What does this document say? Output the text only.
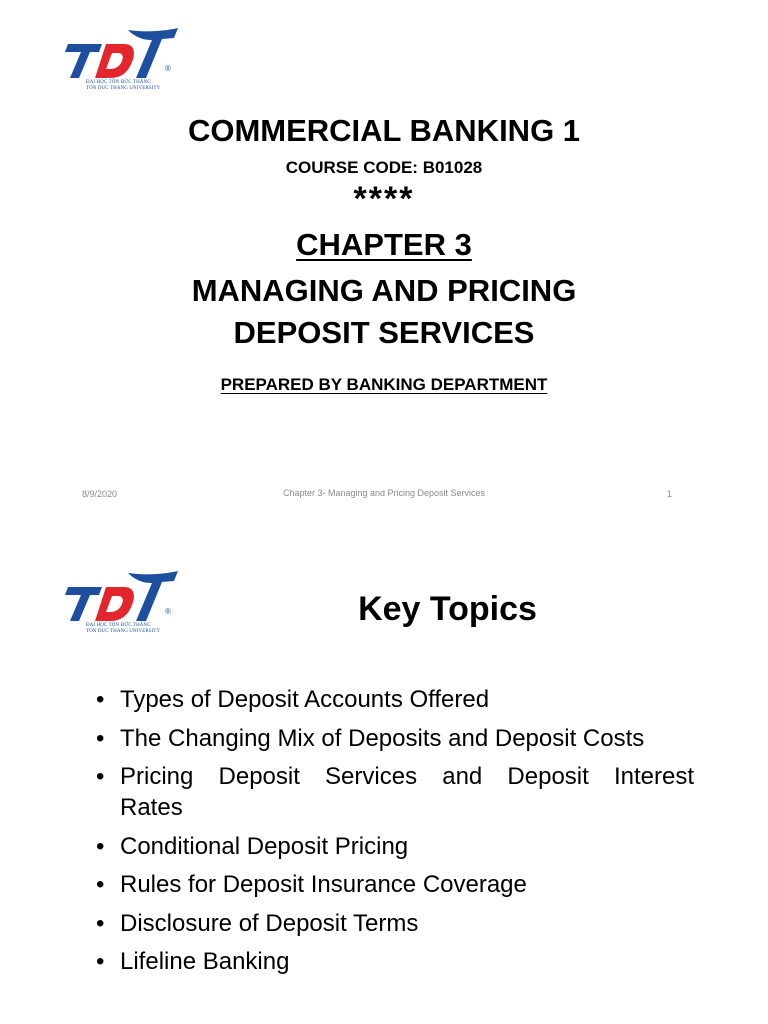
®
ĐẠI HỌC TÔN ĐỨC THẮNG
TON DUC THANG UNIVERSITY
COMMERCIAL BANKING 1
COURSE CODE: B01028
****
CHAPTER 3
MANAGING AND PRICING
DEPOSIT SERVICES
PREPARED BY BANKING DEPARTMENT
8/9/2020	Chapter 3- Managing and Pricing Deposit Services	1
®
ĐẠI HỌC TÔN ĐỨC THẮNG
TON DUC THANG UNIVERSITY
Key Topics
• Types of Deposit Accounts Offered
• The Changing Mix of Deposits and Deposit Costs
• Pricing Deposit Services and Deposit Interest
Rates
• Conditional Deposit Pricing
• Rules for Deposit Insurance Coverage
• Disclosure of Deposit Terms
• Lifeline Banking
